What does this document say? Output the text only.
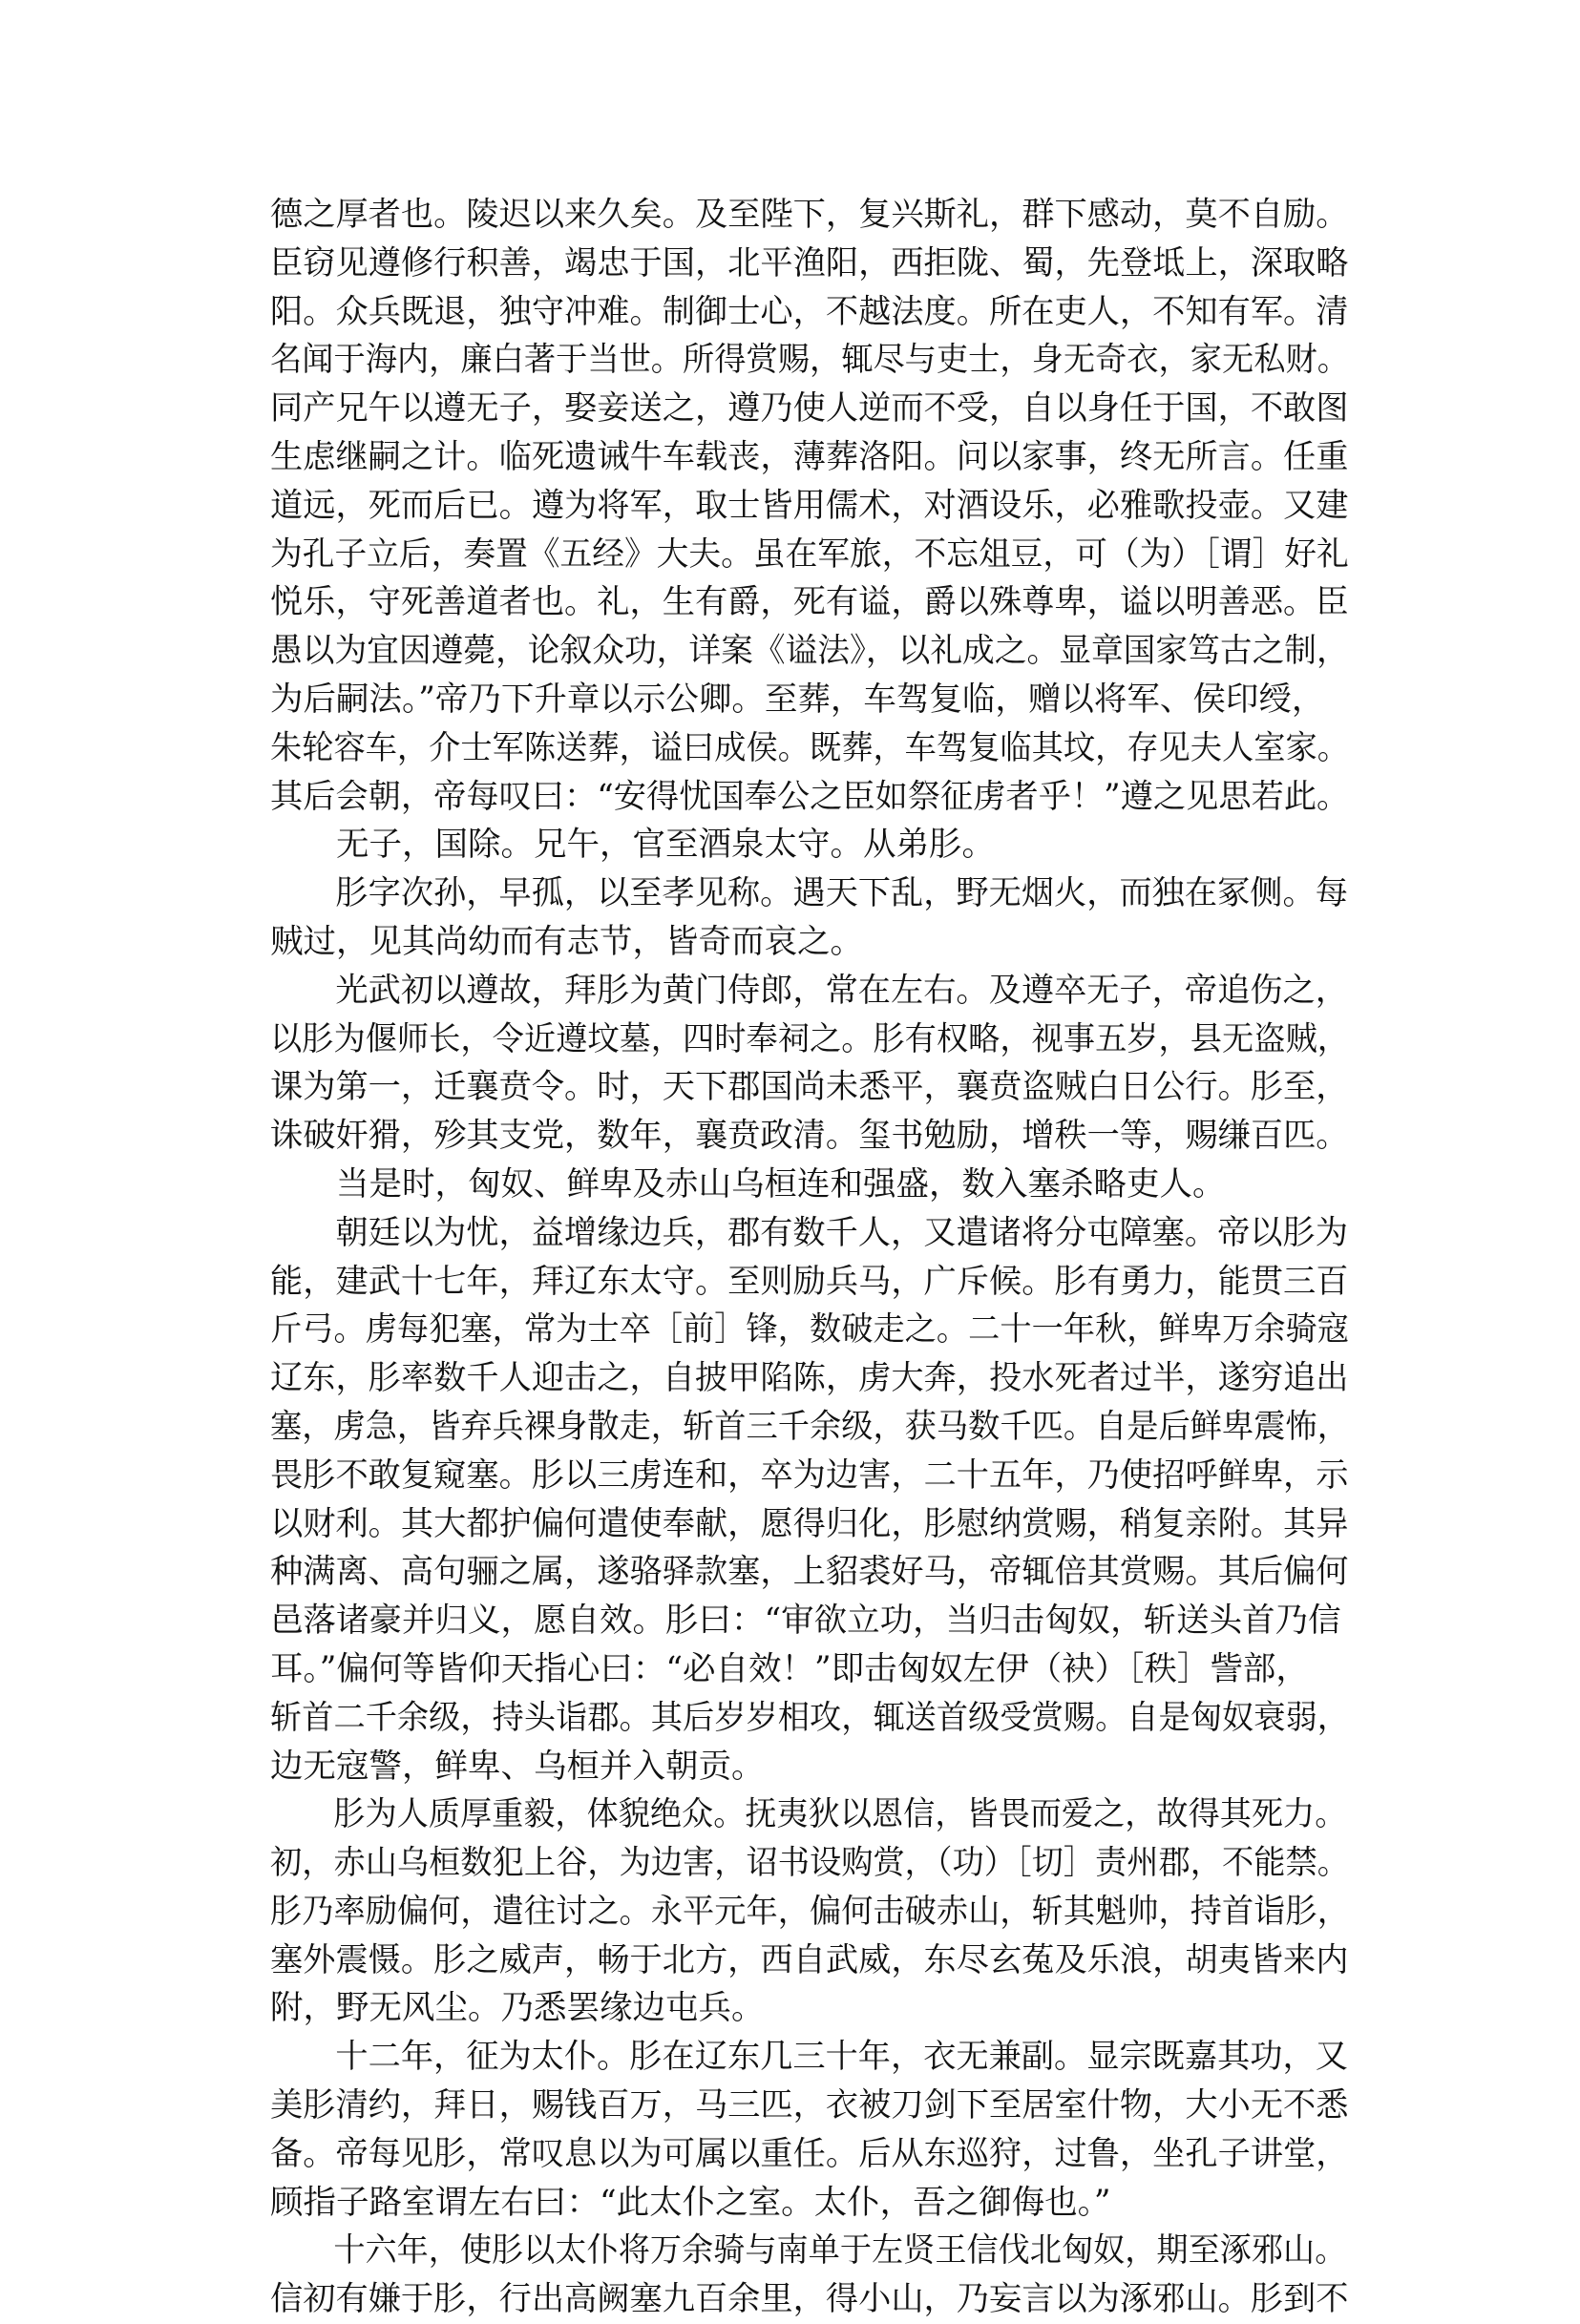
德之厚者也。陵迟以来久矣。及至陛下，复兴斯礼，群下感动，莫不自励。
臣窃见遵修行积善，竭忠于国，北平渔阳，西拒陇、蜀，先登坻上，深取略
阳。众兵既退，独守冲难。制御士心，不越法度。所在吏人，不知有军。清
名闻于海内，廉白著于当世。所得赏赐，辄尽与吏士，身无奇衣，家无私财。
同产兄午以遵无子，娶妾送之，遵乃使人逆而不受，自以身任于国，不敢图
生虑继嗣之计。临死遗诫牛车载丧，薄葬洛阳。问以家事，终无所言。任重
道远，死而后已。遵为将军，取士皆用儒术，对酒设乐，必雅歌投壶。又建
为孔子立后，奏置《五经》大夫。虽在军旅，不忘俎豆，可（为）［谓］好礼
悦乐，守死善道者也。礼，生有爵，死有谥，爵以殊尊卑，谥以明善恶。臣
愚以为宜因遵薨，论叙众功，详案《谥法》，以礼成之。显章国家笃古之制，
为后嗣法。”帝乃下升章以示公卿。至葬，车驾复临，赠以将军、侯印绶，
朱轮容车，介士军陈送葬，谥曰成侯。既葬，车驾复临其坟，存见夫人室家。
其后会朝，帝每叹曰：“安得忧国奉公之臣如祭征虏者乎！”遵之见思若此。
无子，国除。兄午，官至酒泉太守。从弟肜。
肜字次孙，早孤，以至孝见称。遇天下乱，野无烟火，而独在冢侧。每
贼过，见其尚幼而有志节，皆奇而哀之。
光武初以遵故，拜肜为黄门侍郎，常在左右。及遵卒无子，帝追伤之，
以肜为偃师长，令近遵坟墓，四时奉祠之。肜有权略，视事五岁，县无盗贼，
课为第一，迁襄贲令。时，天下郡国尚未悉平，襄贲盗贼白日公行。肜至，
诛破奸猾，殄其支党，数年，襄贲政清。玺书勉励，增秩一等，赐缣百匹。
当是时，匈奴、鲜卑及赤山乌桓连和强盛，数入塞杀略吏人。
朝廷以为忧，益增缘边兵，郡有数千人，又遣诸将分屯障塞。帝以肜为
能，建武十七年，拜辽东太守。至则励兵马，广斥候。肜有勇力，能贯三百
斤弓。虏每犯塞，常为士卒［前］锋，数破走之。二十一年秋，鲜卑万余骑寇
辽东，肜率数千人迎击之，自披甲陷陈，虏大奔，投水死者过半，遂穷追出
塞，虏急，皆弃兵裸身散走，斩首三千余级，获马数千匹。自是后鲜卑震怖，
畏肜不敢复窥塞。肜以三虏连和，卒为边害，二十五年，乃使招呼鲜卑，示
以财利。其大都护偏何遣使奉献，愿得归化，肜慰纳赏赐，稍复亲附。其异
种满离、高句骊之属，遂骆驿款塞，上貂裘好马，帝辄倍其赏赐。其后偏何
邑落诸豪并归义，愿自效。肜曰：“审欲立功，当归击匈奴，斩送头首乃信
耳。”偏何等皆仰天指心曰：“必自效！”即击匈奴左伊（袂）［秩］訾部，
斩首二千余级，持头诣郡。其后岁岁相攻，辄送首级受赏赐。自是匈奴衰弱，
边无寇警，鲜卑、乌桓并入朝贡。
肜为人质厚重毅，体貌绝众。抚夷狄以恩信，皆畏而爱之，故得其死力。
初，赤山乌桓数犯上谷，为边害，诏书设购赏，（功）［切］责州郡，不能禁。
肜乃率励偏何，遣往讨之。永平元年，偏何击破赤山，斩其魁帅，持首诣肜，
塞外震慑。肜之威声，畅于北方，西自武威，东尽玄菟及乐浪，胡夷皆来内
附，野无风尘。乃悉罢缘边屯兵。
十二年，征为太仆。肜在辽东几三十年，衣无兼副。显宗既嘉其功，又
美肜清约，拜日，赐钱百万，马三匹，衣被刀剑下至居室什物，大小无不悉
备。帝每见肜，常叹息以为可属以重任。后从东巡狩，过鲁，坐孔子讲堂，
顾指子路室谓左右曰：“此太仆之室。太仆，吾之御侮也。”
十六年，使肜以太仆将万余骑与南单于左贤王信伐北匈奴，期至涿邪山。
信初有嫌于肜，行出高阙塞九百余里，得小山，乃妄言以为涿邪山。肜到不
